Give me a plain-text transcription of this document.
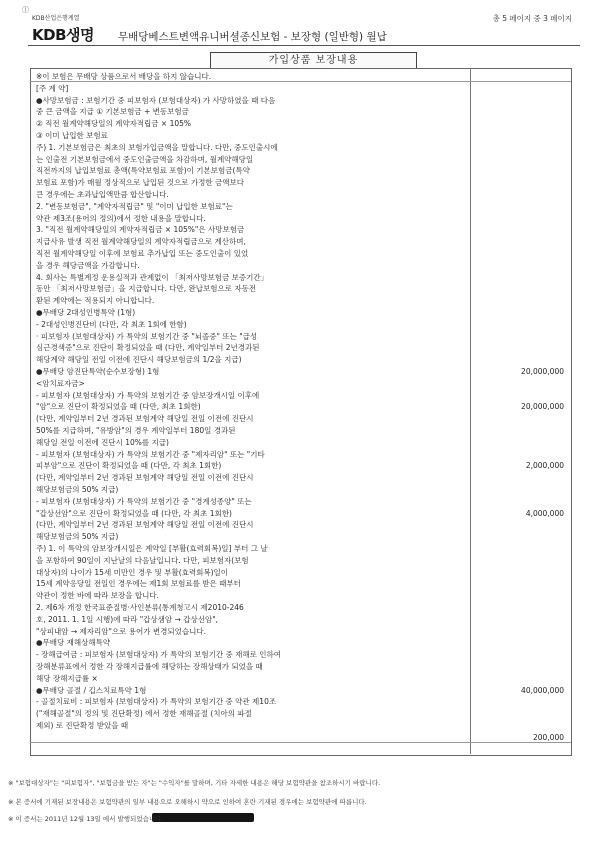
ⓛ
KDB산업은행계열
KDB생명 무배당베스트변액유니버셜종신보험 - 보장형 (일반형) 월납
총 5 페이지 중 3 페이지
가입상품 보장내용
※이 보험은 무배당 상품으로서 배당을 하지 않습니다.
[주 계 약]
●사망보험금 : 보험기간 중 피보험자 (보험대상자) 가 사망하였을 때 다음
중 큰 금액을 지급 ① 기본보험금 + 변동보험금
② 직전 월계약해당일의 계약자적립금 × 105%
③ 이미 납입한 보험료
주) 1. 기본보험금은 최초의 보험가입금액을 말합니다. 다만, 중도인출시에
는 인출전 기본보험금에서 중도인출금액을 차감하며, 월계약해당일
직전까지의 납입보험료 총액(특약보험료 포함)이 기본보험금(특약
보험료 포함)가 매월 정상적으로 납입된 것으로 가정한 금액보다
큰 경우에는 초과납입액만큼 합산합니다.
2. "변동보험금", "계약자적립금" 및 "이미 납입한 보험료"는
약관 제3조(용어의 정의)에서 정한 내용을 말합니다.
3. "직전 월계약해당일의 계약자적립금 × 105%"은 사망보험금
지급사유 발생 직전 월계약해당일의 계약자적립금으로 계산하며,
직전 월계약해당일 이후에 보험료 추가납입 또는 중도인출이 있었
을 경우 해당금액을 가감합니다.
4. 회사는 특별계정 운용실적과 관계없이 「최저사망보험금 보증기간」
동안 「최저사망보험금」을 지급합니다. 다만, 완납보험으로 자동전
환된 계약에는 적용되지 아니합니다.
●무배당 2대성인병특약 (1형)
- 2대성인병진단비 (다만, 각 최초 1회에 한함)
· 피보험자 (보험대상자) 가 특약의 보험기간 중 "뇌졸중" 또는 "급성
심근경색증"으로 진단이 확정되었을 때 (다만, 계약일부터 2년경과된
해당계약 해당일 전일 이전에 진단시 해당보험금의 1/2을 지급)
●무배당 암진단특약(순수보장형) 1형
<암치료자금>
- 피보험자 (보험대상자) 가 특약의 보험기간 중 암보장개시일 이후에
"암"으로 진단이 확정되었을 때 (다만, 최초 1회한)
(다만, 계약일부터 2년 경과된 보험계약 해당일 전일 이전에 진단시
50%를 지급하며, "유방암"의 경우 계약일부터 180일 경과된
해당일 전일 이전에 진단시 10%를 지급)
- 피보험자 (보험대상자) 가 특약의 보험기간 중 "제자리암" 또는 "기타
피부암"으로 진단이 확정되었을 때 (다만, 각 최초 1회한)
(다만, 계약일부터 2년 경과된 보험계약 해당일 전일 이전에 진단시
해당보험금의 50% 지급)
- 피보험자 (보험대상자) 가 특약의 보험기간 중 "경계성종양" 또는
"갑상선암"으로 진단이 확정되었을 때 (다만, 각 최초 1회한)
(다만, 계약일부터 2년 경과된 보험계약 해당일 전일 이전에 진단시
해당보험금의 50% 지급)
주) 1. 이 특약의 암보장개시일은 계약일 [부활(효력회복)일] 부터 그 날
을 포함하여 90일이 지난날의 다음날입니다. 다만, 피보험자(보험
대상자)의 나이가 15세 미만인 경우 및 부활(효력회복)일이
15세 계약응당일 전일인 경우에는 제1회 보험료를 받은 때부터
약관이 정한 바에 따라 보장을 합니다.
2. 제6차 개정 한국표준질병·사인분류(통계청고시 제2010-246
호, 2011. 1. 1일 시행)에 따라 "갑상샘암 → 갑상선암",
"상피내암 → 제자리암"으로 용어가 변경되었습니다.
●무배당 재해상해특약
- 장해급여금 : 피보험자 (보험대상자) 가 특약의 보험기간 중 재해로 인하여
장해분류표에서 정한 각 장해지급률에 해당하는 장해상태가 되었을 때
해당 장해지급률 ×
●무배당 골절 / 깁스치료특약 1형
- 골절치료비 : 피보험자 (보험대상자) 가 특약의 보험기간 중 약관 제10조
("재해골절"의 정의 및 진단확정) 에서 정한 재해골절 (치아의 파절
제외) 로 진단확정 받았을 때
20,000,000
20,000,000
2,000,000
4,000,000
40,000,000
200,000
※ "보험대상자"는 "피보험자", "보험금을 받는 자"는 "수익자"를 말하며, 기타 자세한 내용은 해당 보험약관을 참조하시기 바랍니다.
※ 본 증서에 기재된 보장내용은 보험약관의 일부 내용으로 오해하시 약으로 인하여 혼란 기재된 경우에는 보험약관에 따릅니다.
※ 이 증서는 2011년 12월 13일 에서 발행되었습니다.
